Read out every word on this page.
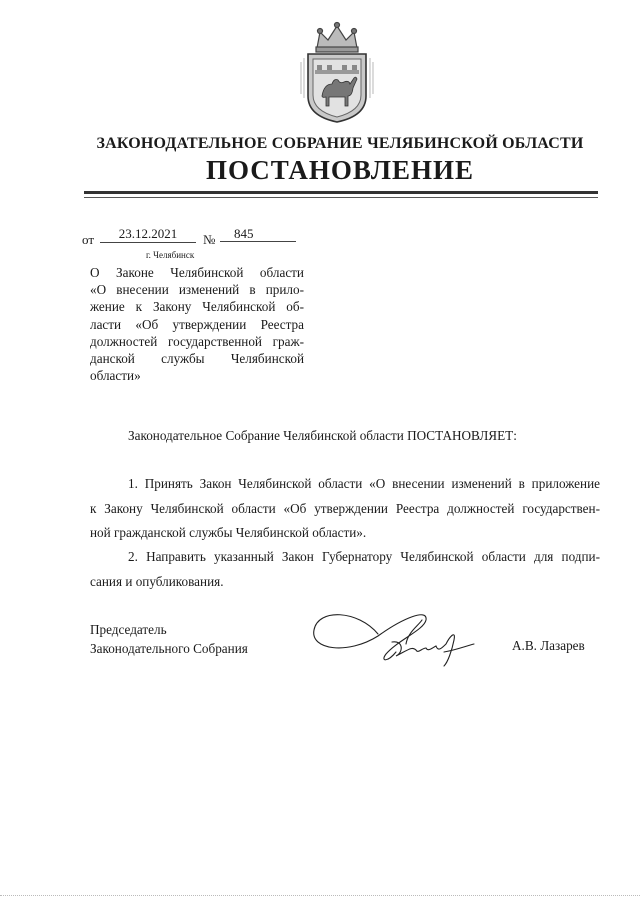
ЗАКОНОДАТЕЛЬНОЕ СОБРАНИЕ ЧЕЛЯБИНСКОЙ ОБЛАСТИ
ПОСТАНОВЛЕНИЕ
от	23.12.2021	№	845
г. Челябинск
О Законе Челябинской области
«О внесении изменений в прило-
жение к Закону Челябинской об-
ласти «Об утверждении Реестра
должностей государственной граж-
данской службы Челябинской
области»
Законодательное Собрание Челябинской области ПОСТАНОВЛЯЕТ:
1. Принять Закон Челябинской области «О внесении изменений в приложение
к Закону Челябинской области «Об утверждении Реестра должностей государствен-
ной гражданской службы Челябинской области».
2. Направить указанный Закон Губернатору Челябинской области для подпи-
сания и опубликования.
Председатель
Законодательного Собрания	А.В. Лазарев
